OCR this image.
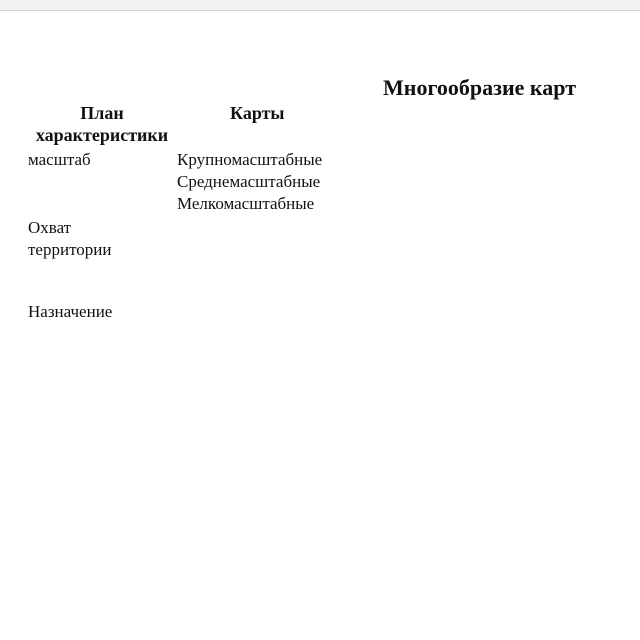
Многообразие карт
План
характеристики
Карты
масштаб	Крупномасштабные
Среднемасштабные
Мелкомасштабные
Охват
территории
Назначение
